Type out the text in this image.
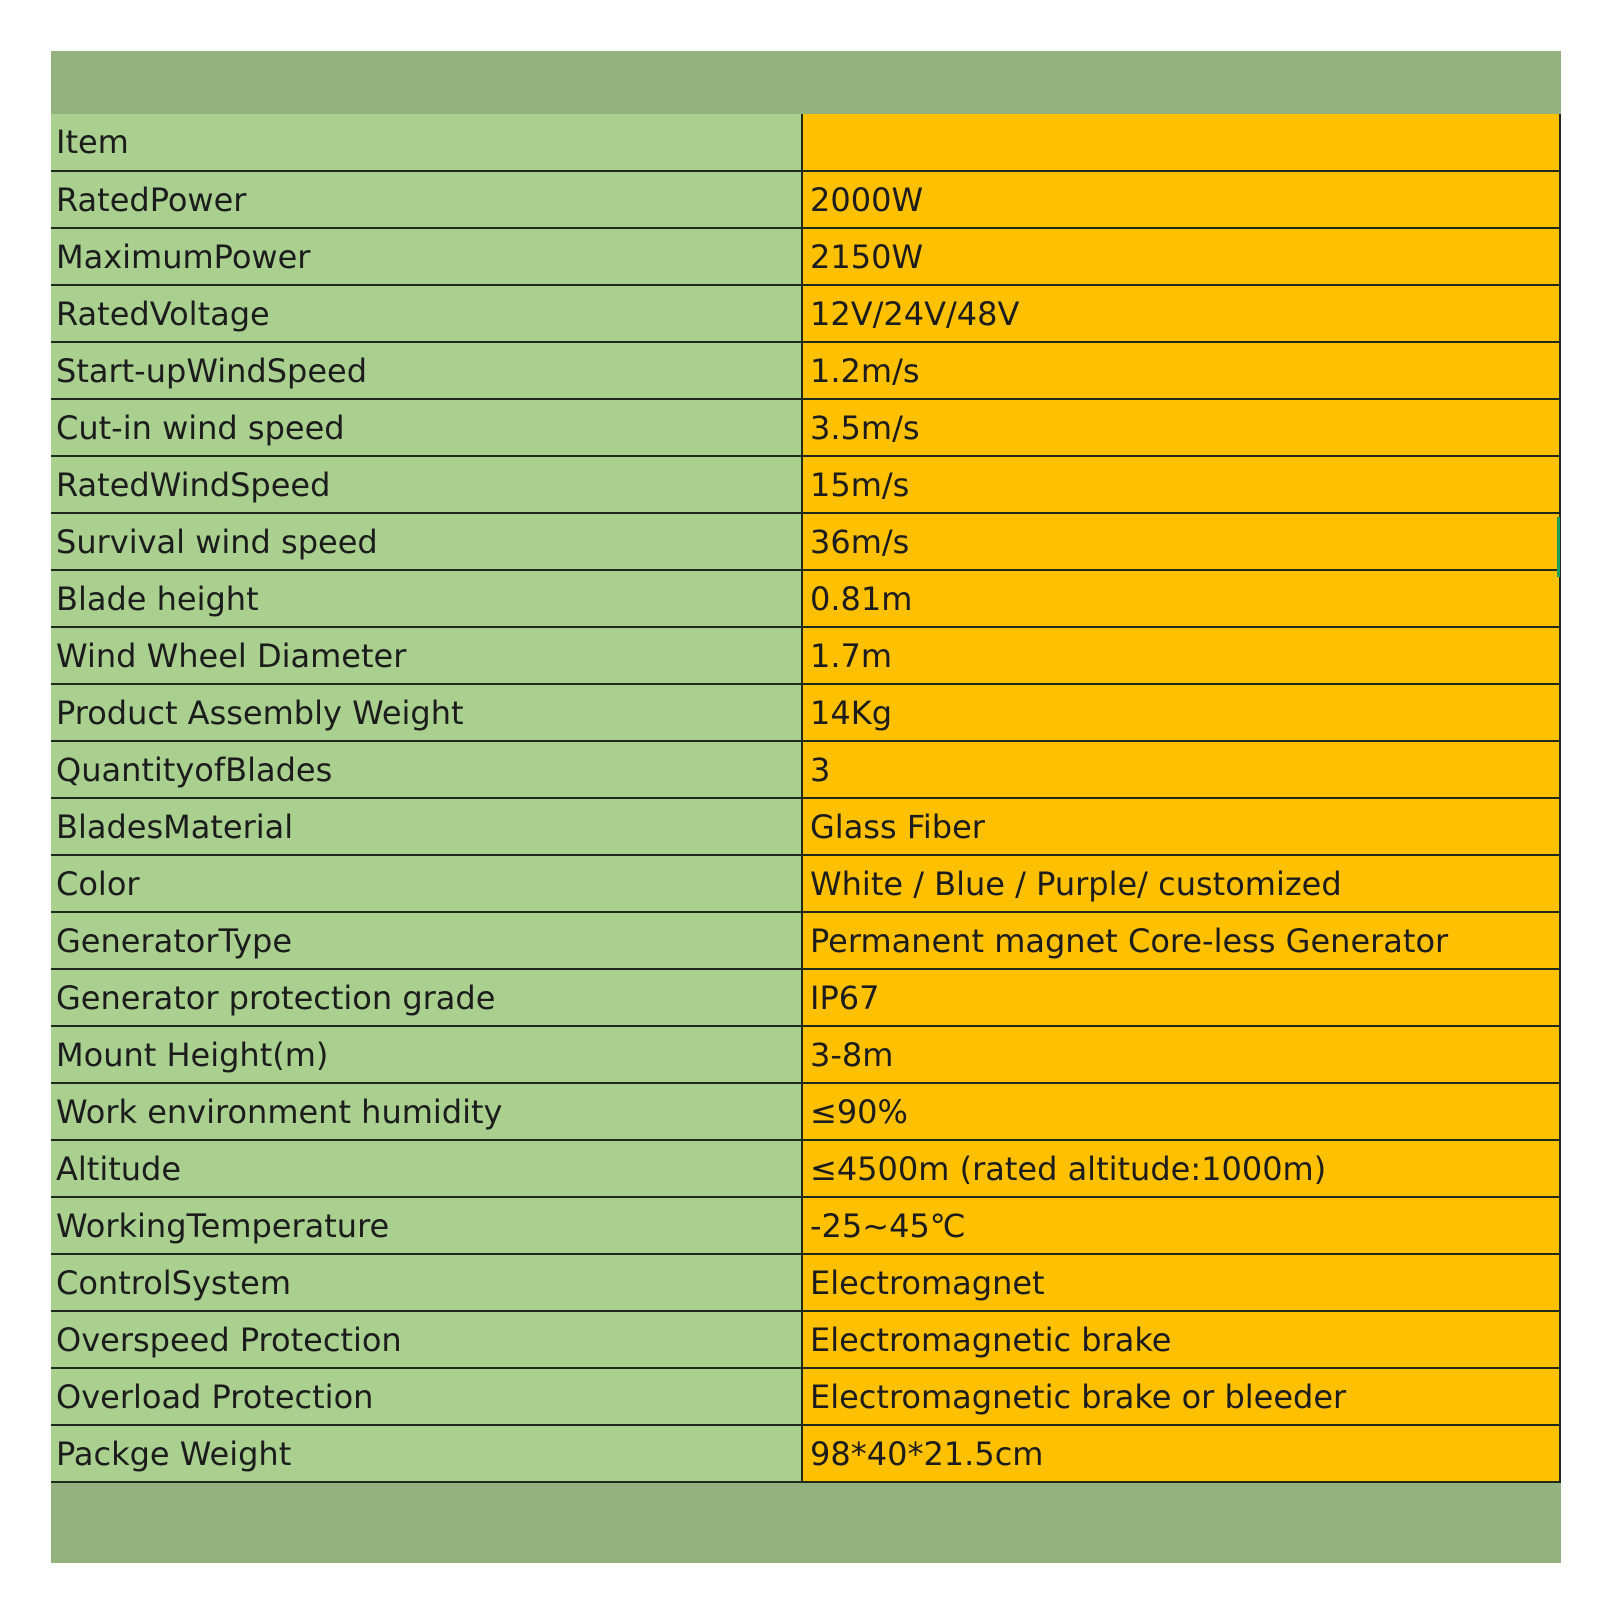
Item	
RatedPower	2000W
MaximumPower	2150W
RatedVoltage	12V/24V/48V
Start-upWindSpeed	1.2m/s
Cut-in wind speed	3.5m/s
RatedWindSpeed	15m/s
Survival wind speed	36m/s
Blade height	0.81m
Wind Wheel Diameter	1.7m
Product Assembly Weight	14Kg
QuantityofBlades	3
BladesMaterial	Glass Fiber
Color	White / Blue / Purple/ customized
GeneratorType	Permanent magnet Core-less Generator
Generator protection grade	IP67
Mount Height(m)	3-8m
Work environment humidity	≤90%
Altitude	≤4500m (rated altitude:1000m)
WorkingTemperature	-25~45℃
ControlSystem	Electromagnet
Overspeed Protection	Electromagnetic brake
Overload Protection	Electromagnetic brake or bleeder
Packge Weight	98*40*21.5cm
